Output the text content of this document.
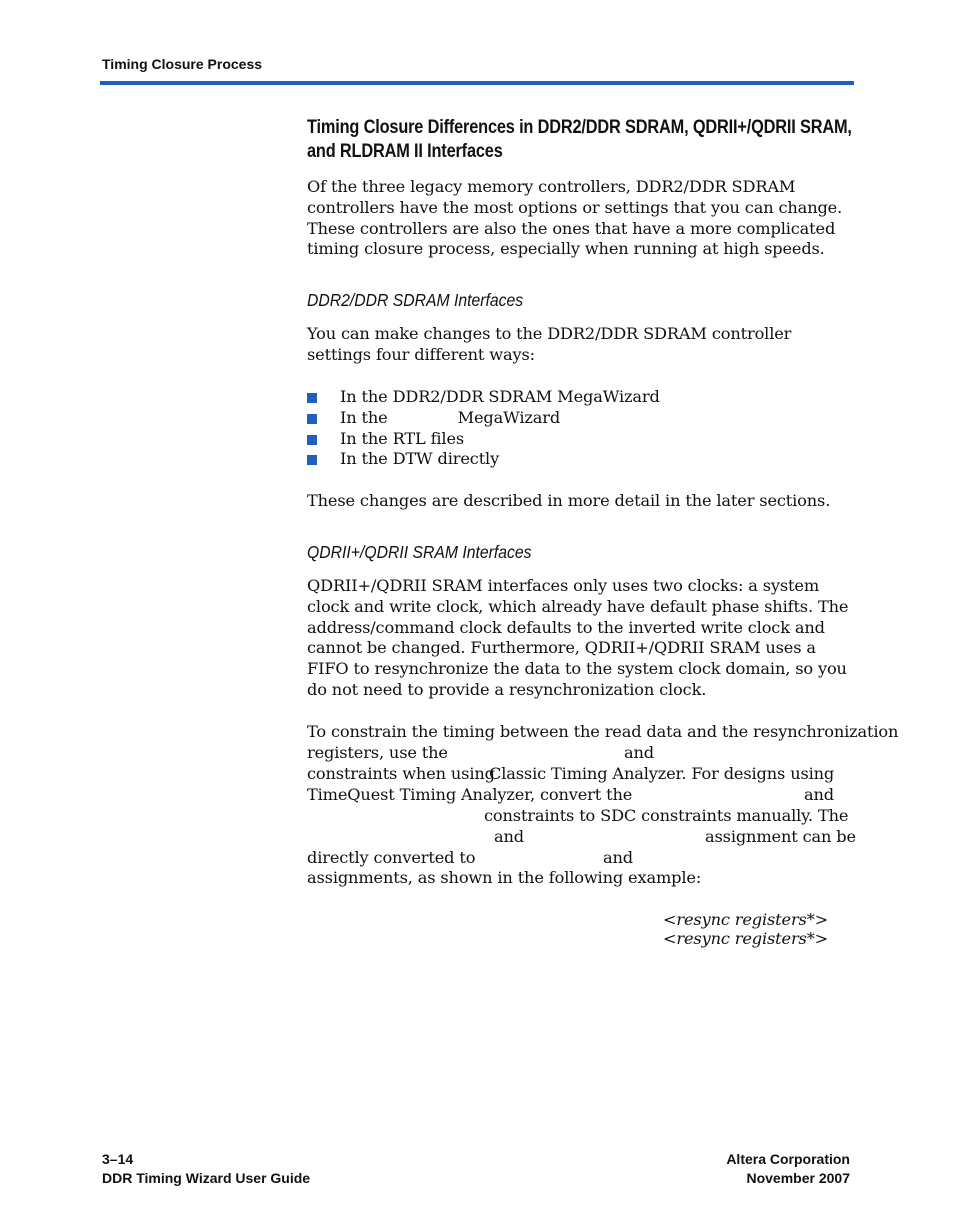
Timing Closure Process
Timing Closure Differences in DDR2/DDR SDRAM, QDRII+/QDRII SRAM, and RLDRAM II Interfaces

Of the three legacy memory controllers, DDR2/DDR SDRAM controllers have the most options or settings that you can change. These controllers are also the ones that have a more complicated timing closure process, especially when running at high speeds.

DDR2/DDR SDRAM Interfaces

You can make changes to the DDR2/DDR SDRAM controller settings four different ways:

In the DDR2/DDR SDRAM MegaWizard
In the	MegaWizard
In the RTL files
In the DTW directly

These changes are described in more detail in the later sections.

QDRII+/QDRII SRAM Interfaces

QDRII+/QDRII SRAM interfaces only uses two clocks: a system clock and write clock, which already have default phase shifts. The address/command clock defaults to the inverted write clock and cannot be changed. Furthermore, QDRII+/QDRII SRAM uses a FIFO to resynchronize the data to the system clock domain, so you do not need to provide a resynchronization clock.

To constrain the timing between the read data and the resynchronization
registers, use the	and
constraints when using
Classic Timing Analyzer. For designs using
TimeQuest Timing Analyzer, convert the	and
constraints to SDC constraints manually. The
and	assignment can be
directly converted to	and
assignments, as shown in the following example:
<resync registers*>
<resync registers*>
3–14
DDR Timing Wizard User Guide
Altera Corporation
November 2007
